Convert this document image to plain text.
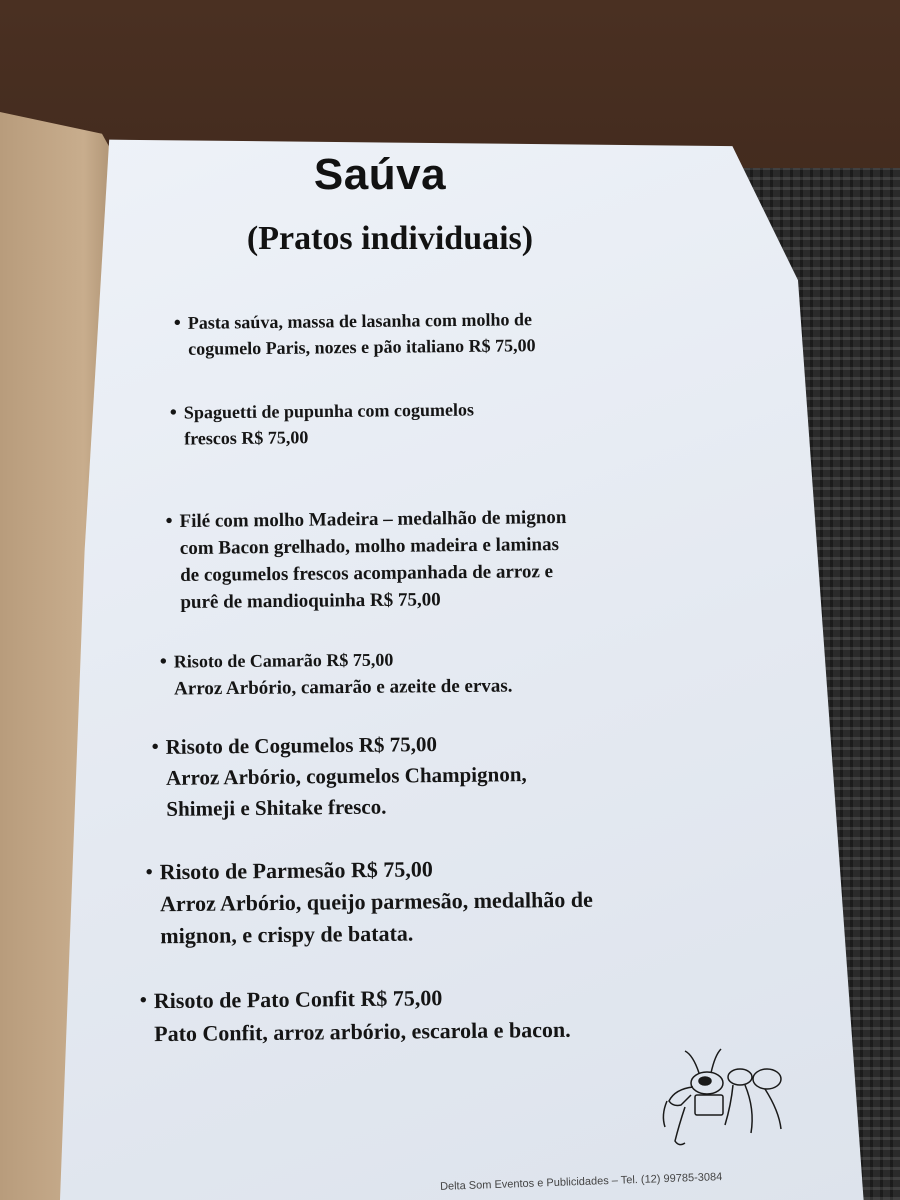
Saúva
(Pratos individuais)
• Pasta saúva, massa de lasanha com molho de
cogumelo Paris, nozes e pão italiano R$ 75,00
• Spaguetti de pupunha com cogumelos
frescos R$ 75,00
• Filé com molho Madeira – medalhão de mignon
com Bacon grelhado, molho madeira e laminas
de cogumelos frescos acompanhada de arroz e
purê de mandioquinha R$ 75,00
• Risoto de Camarão R$ 75,00
Arroz Arbório, camarão e azeite de ervas.
• Risoto de Cogumelos R$ 75,00
Arroz Arbório, cogumelos Champignon,
Shimeji e Shitake fresco.
• Risoto de Parmesão R$ 75,00
Arroz Arbório, queijo parmesão, medalhão de
mignon, e crispy de batata.
• Risoto de Pato Confit R$ 75,00
Pato Confit, arroz arbório, escarola e bacon.
Delta Som Eventos e Publicidades – Tel. (12) 99785-3084
